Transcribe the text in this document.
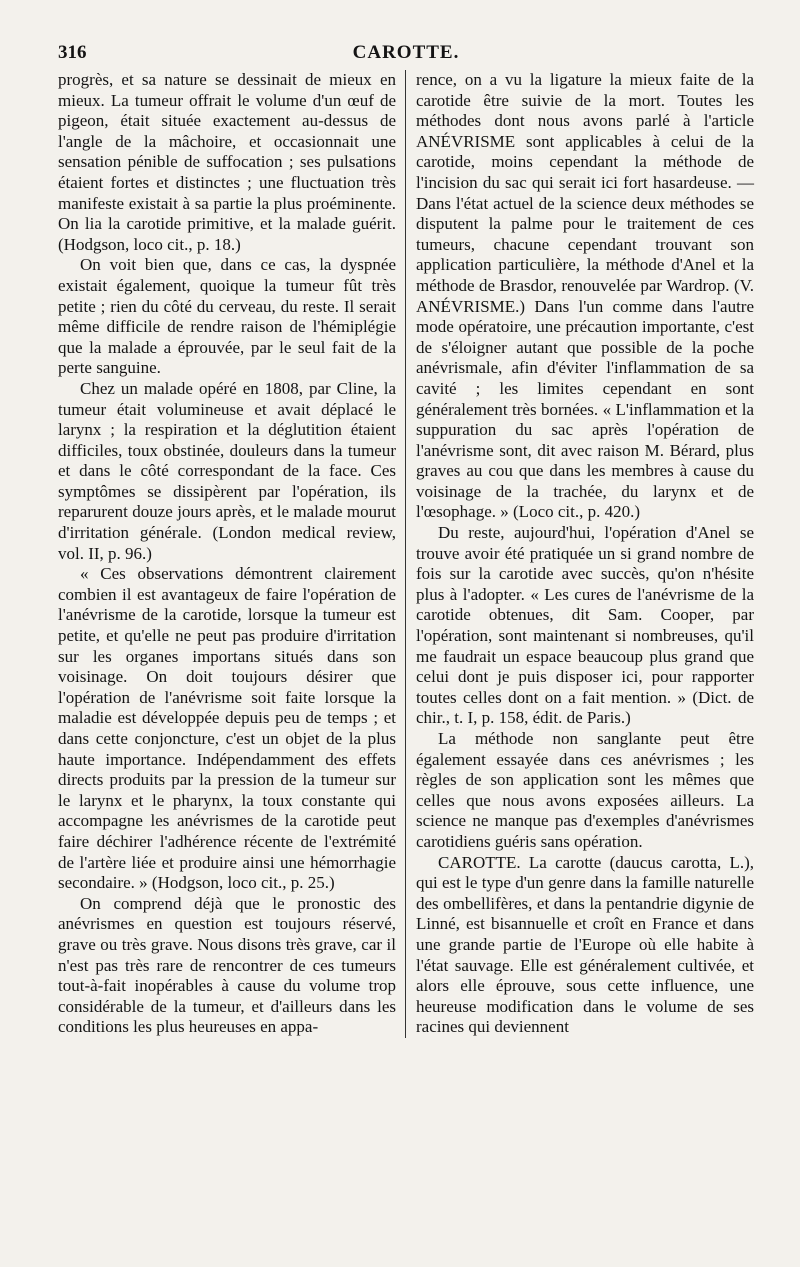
316	CAROTTE.

progrès, et sa nature se dessinait de mieux en mieux. La tumeur offrait le volume d'un œuf de pigeon, était située exactement au-dessus de l'angle de la mâchoire, et occasionnait une sensation pénible de suffocation ; ses pulsations étaient fortes et distinctes ; une fluctuation très manifeste existait à sa partie la plus proéminente. On lia la carotide primitive, et la malade guérit. (Hodgson, loco cit., p. 18.)

On voit bien que, dans ce cas, la dyspnée existait également, quoique la tumeur fût très petite ; rien du côté du cerveau, du reste. Il serait même difficile de rendre raison de l'hémiplégie que la malade a éprouvée, par le seul fait de la perte sanguine.

Chez un malade opéré en 1808, par Cline, la tumeur était volumineuse et avait déplacé le larynx ; la respiration et la déglutition étaient difficiles, toux obstinée, douleurs dans la tumeur et dans le côté correspondant de la face. Ces symptômes se dissipèrent par l'opération, ils reparurent douze jours après, et le malade mourut d'irritation générale. (London medical review, vol. II, p. 96.)

« Ces observations démontrent clairement combien il est avantageux de faire l'opération de l'anévrisme de la carotide, lorsque la tumeur est petite, et qu'elle ne peut pas produire d'irritation sur les organes importans situés dans son voisinage. On doit toujours désirer que l'opération de l'anévrisme soit faite lorsque la maladie est développée depuis peu de temps ; et dans cette conjoncture, c'est un objet de la plus haute importance. Indépendamment des effets directs produits par la pression de la tumeur sur le larynx et le pharynx, la toux constante qui accompagne les anévrismes de la carotide peut faire déchirer l'adhérence récente de l'extrémité de l'artère liée et produire ainsi une hémorrhagie secondaire. » (Hodgson, loco cit., p. 25.)

On comprend déjà que le pronostic des anévrismes en question est toujours réservé, grave ou très grave. Nous disons très grave, car il n'est pas très rare de rencontrer de ces tumeurs tout-à-fait inopérables à cause du volume trop considérable de la tumeur, et d'ailleurs dans les conditions les plus heureuses en appa-

rence, on a vu la ligature la mieux faite de la carotide être suivie de la mort. Toutes les méthodes dont nous avons parlé à l'article ANÉVRISME sont applicables à celui de la carotide, moins cependant la méthode de l'incision du sac qui serait ici fort hasardeuse. — Dans l'état actuel de la science deux méthodes se disputent la palme pour le traitement de ces tumeurs, chacune cependant trouvant son application particulière, la méthode d'Anel et la méthode de Brasdor, renouvelée par Wardrop. (V. ANÉVRISME.) Dans l'un comme dans l'autre mode opératoire, une précaution importante, c'est de s'éloigner autant que possible de la poche anévrismale, afin d'éviter l'inflammation de sa cavité ; les limites cependant en sont généralement très bornées. « L'inflammation et la suppuration du sac après l'opération de l'anévrisme sont, dit avec raison M. Bérard, plus graves au cou que dans les membres à cause du voisinage de la trachée, du larynx et de l'œsophage. » (Loco cit., p. 420.)

Du reste, aujourd'hui, l'opération d'Anel se trouve avoir été pratiquée un si grand nombre de fois sur la carotide avec succès, qu'on n'hésite plus à l'adopter. « Les cures de l'anévrisme de la carotide obtenues, dit Sam. Cooper, par l'opération, sont maintenant si nombreuses, qu'il me faudrait un espace beaucoup plus grand que celui dont je puis disposer ici, pour rapporter toutes celles dont on a fait mention. » (Dict. de chir., t. I, p. 158, édit. de Paris.)

La méthode non sanglante peut être également essayée dans ces anévrismes ; les règles de son application sont les mêmes que celles que nous avons exposées ailleurs. La science ne manque pas d'exemples d'anévrismes carotidiens guéris sans opération.

CAROTTE. La carotte (daucus carotta, L.), qui est le type d'un genre dans la famille naturelle des ombellifères, et dans la pentandrie digynie de Linné, est bisannuelle et croît en France et dans une grande partie de l'Europe où elle habite à l'état sauvage. Elle est généralement cultivée, et alors elle éprouve, sous cette influence, une heureuse modification dans le volume de ses racines qui deviennent
